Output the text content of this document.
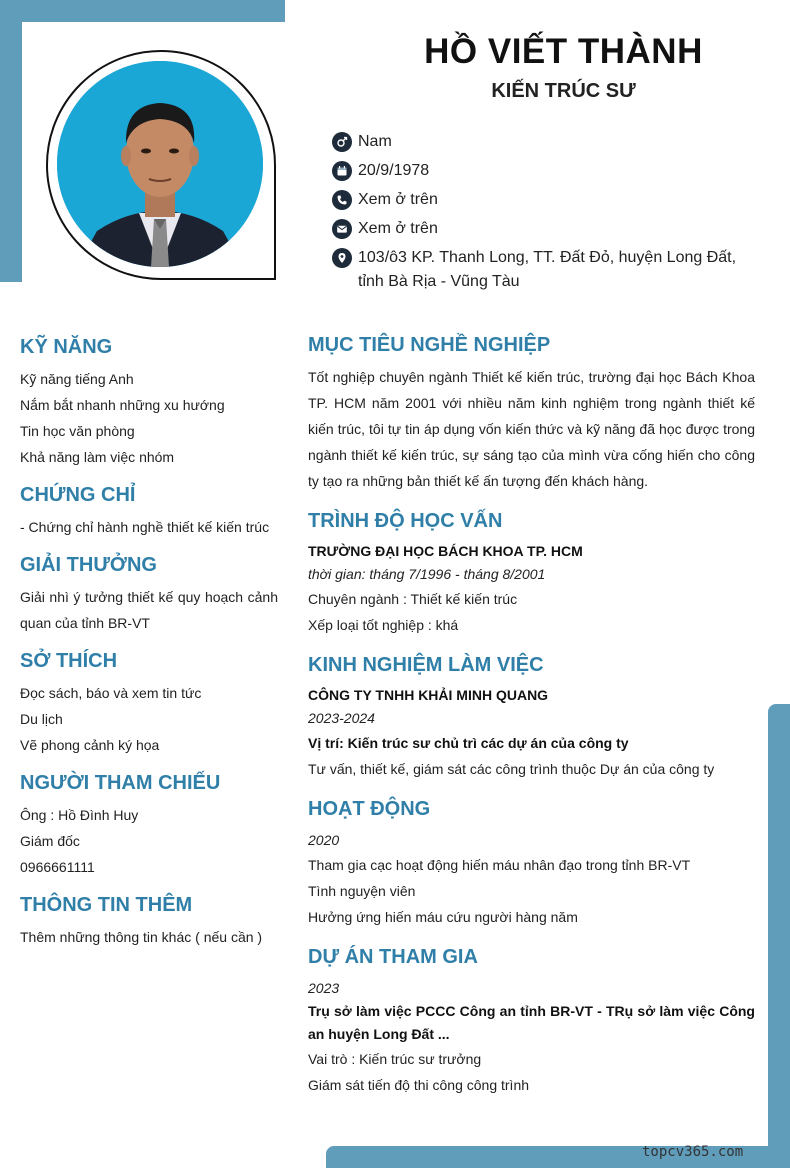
HỒ VIẾT THÀNH
KIẾN TRÚC SƯ
Nam
20/9/1978
Xem ở trên
Xem ở trên
103/ô3 KP. Thanh Long, TT. Đất Đỏ, huyện Long Đất, tỉnh Bà Rịa - Vũng Tàu
KỸ NĂNG
Kỹ năng tiếng Anh
Nắm bắt nhanh những xu hướng
Tin học văn phòng
Khả năng làm việc nhóm
CHỨNG CHỈ
- Chứng chỉ hành nghề thiết kế kiến trúc
GIẢI THƯỞNG
Giải nhì ý tưởng thiết kế quy hoạch cảnh quan của tỉnh BR-VT
SỞ THÍCH
Đọc sách, báo và xem tin tức
Du lịch
Vẽ phong cảnh ký họa
NGƯỜI THAM CHIẾU
Ông : Hồ Đình Huy
Giám đốc
0966661111
THÔNG TIN THÊM
Thêm những thông tin khác ( nếu cần )
MỤC TIÊU NGHỀ NGHIỆP
Tốt nghiệp chuyên ngành Thiết kế kiến trúc, trường đại học Bách Khoa TP. HCM năm 2001 với nhiều năm kinh nghiệm trong ngành thiết kế kiến trúc, tôi tự tin áp dụng vốn kiến thức và kỹ năng đã học được trong ngành thiết kế kiến trúc, sự sáng tạo của mình vừa cống hiến cho công ty tạo ra những bản thiết kế ấn tượng đến khách hàng.
TRÌNH ĐỘ HỌC VẤN
TRƯỜNG ĐẠI HỌC BÁCH KHOA TP. HCM
thời gian: tháng 7/1996 - tháng 8/2001
Chuyên ngành : Thiết kế kiến trúc
Xếp loại tốt nghiệp : khá
KINH NGHIỆM LÀM VIỆC
CÔNG TY TNHH KHẢI MINH QUANG
2023-2024
Vị trí: Kiến trúc sư chủ trì các dự án của công ty
Tư vấn, thiết kế, giám sát các công trình thuộc Dự án của công ty
HOẠT ĐỘNG
2020
Tham gia cạc hoạt động hiến máu nhân đạo trong tỉnh BR-VT
Tình nguyện viên
Hưởng ứng hiến máu cứu người hàng năm
DỰ ÁN THAM GIA
2023
Trụ sở làm việc PCCC Công an tỉnh BR-VT - TRụ sở làm việc Công an huyện Long Đất ...
Vai trò : Kiến trúc sư trưởng
Giám sát tiến độ thi công công trình
topcv365.com
